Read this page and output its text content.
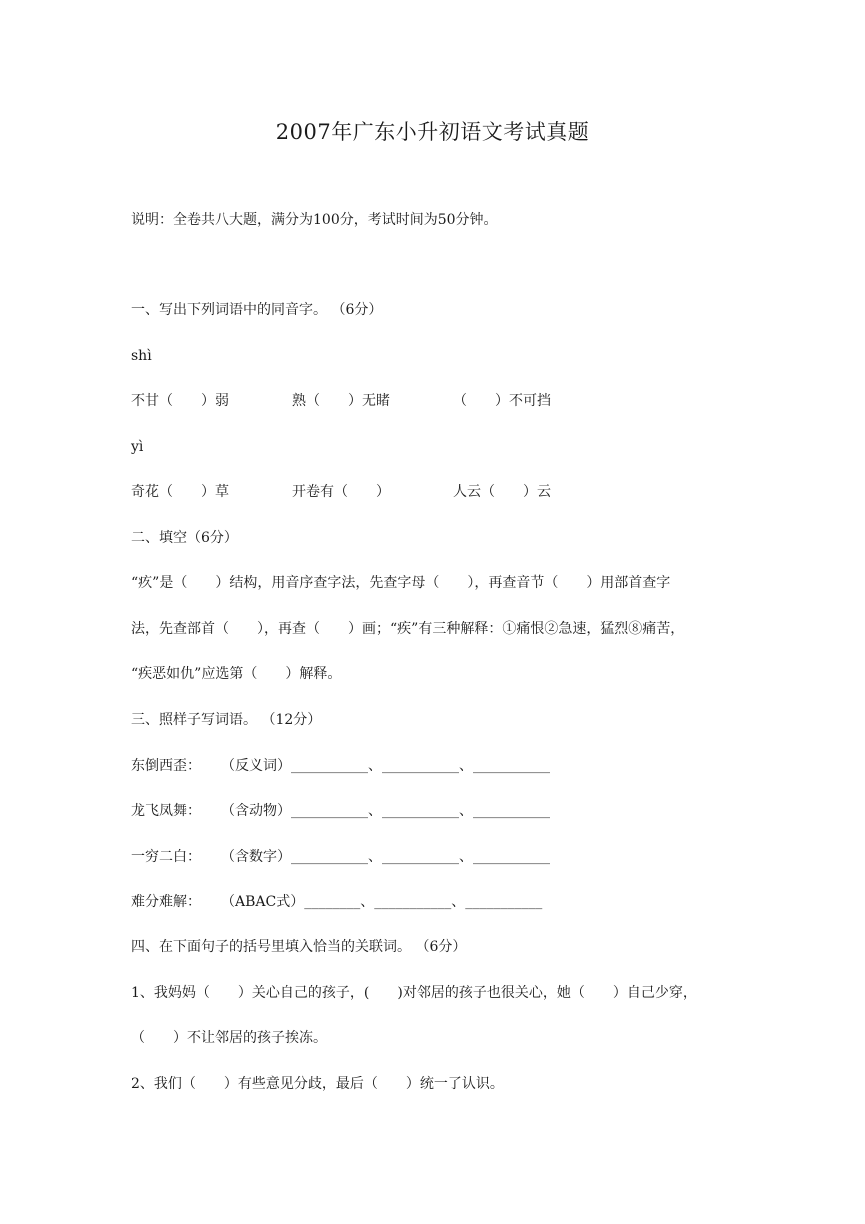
2007年广东小升初语文考试真题
说明：全卷共八大题，满分为100分，考试时间为50分钟。
一、写出下列词语中的同音字。 （6分）
shì
不甘（　　）弱	熟（　　）无睹	（　　）不可挡
yì
奇花（　　）草	开卷有（　　）	人云（　　）云
二、填空（6分）
“疚”是（　　）结构，用音序查字法，先查字母（　　），再查音节（　　）用部首查字
法，先查部首（　　），再查（　　）画；“疾”有三种解释：①痛恨②急速，猛烈⑧痛苦，
“疾恶如仇”应选第（　　）解释。
三、照样子写词语。 （12分）
东倒西歪： （反义词）___________、___________、___________
龙飞凤舞： （含动物）___________、___________、___________
一穷二白： （含数字）___________、___________、___________
难分难解： （ABAC式）________、___________、___________
四、在下面句子的括号里填入恰当的关联词。 （6分）
1、我妈妈（　　）关心自己的孩子，(　　)对邻居的孩子也很关心，她（　　）自己少穿，
（　　）不让邻居的孩子挨冻。
2、我们（　　）有些意见分歧，最后（　　）统一了认识。
